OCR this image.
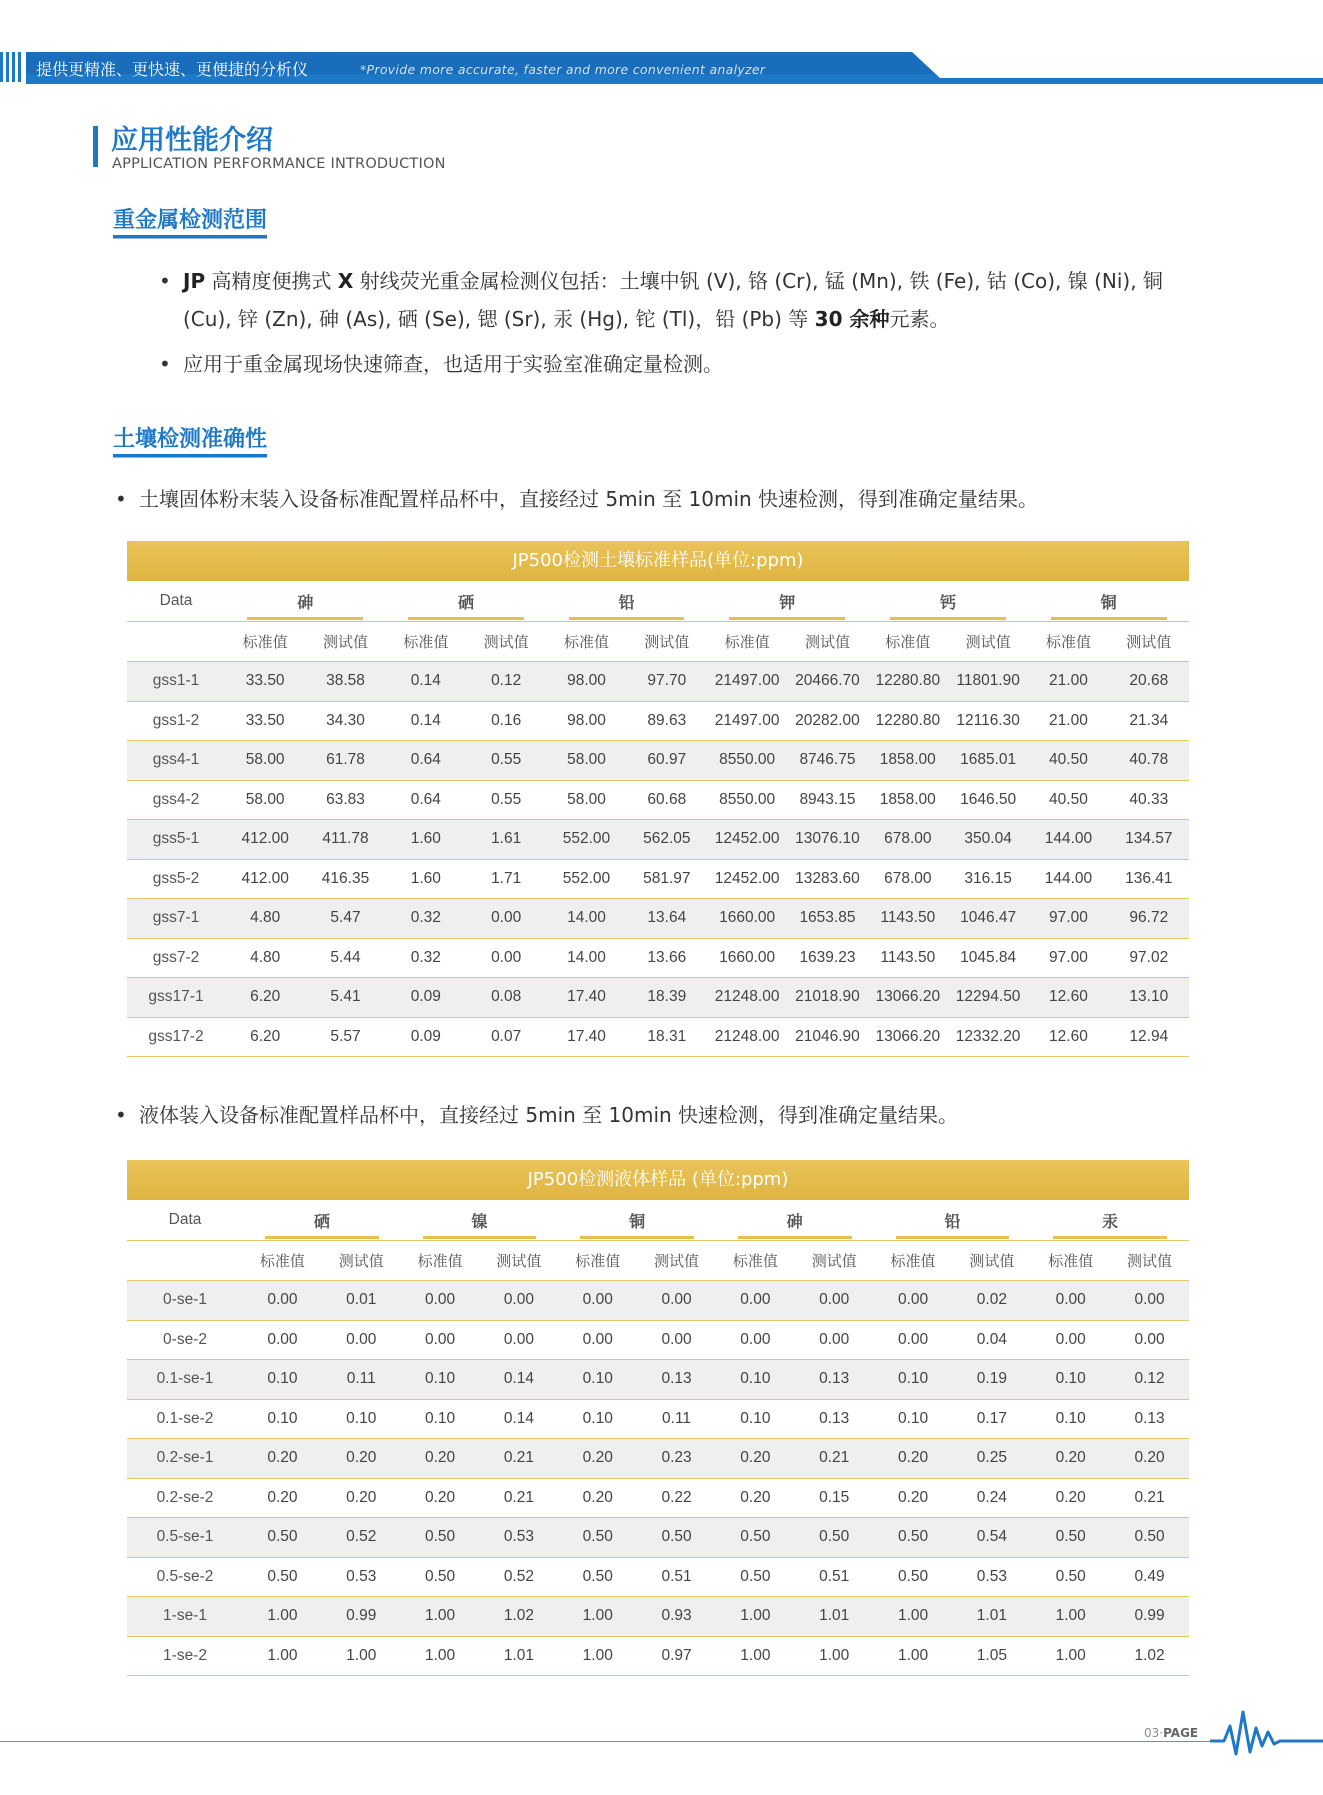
提供更精准、更快速、更便捷的分析仪	*Provide more accurate, faster and more convenient analyzer
应用性能介绍
APPLICATION PERFORMANCE INTRODUCTION
重金属检测范围
• JP 高精度便携式 X 射线荧光重金属检测仪包括：土壤中钒 (V), 铬 (Cr), 锰 (Mn), 铁 (Fe), 钴 (Co), 镍 (Ni), 铜
(Cu), 锌 (Zn), 砷 (As), 硒 (Se), 锶 (Sr), 汞 (Hg), 铊 (Tl)，铅 (Pb) 等 30 余种元素。
• 应用于重金属现场快速筛查，也适用于实验室准确定量检测。
土壤检测准确性
• 土壤固体粉末装入设备标准配置样品杯中，直接经过 5min 至 10min 快速检测，得到准确定量结果。
JP500检测土壤标准样品(单位:ppm)
Data	砷		硒		铅		钾		钙		铜	
	标准值	测试值	标准值	测试值	标准值	测试值	标准值	测试值	标准值	测试值	标准值	测试值
gss1-1	33.50	38.58	0.14	0.12	98.00	97.70	21497.00	20466.70	12280.80	11801.90	21.00	20.68
gss1-2	33.50	34.30	0.14	0.16	98.00	89.63	21497.00	20282.00	12280.80	12116.30	21.00	21.34
gss4-1	58.00	61.78	0.64	0.55	58.00	60.97	8550.00	8746.75	1858.00	1685.01	40.50	40.78
gss4-2	58.00	63.83	0.64	0.55	58.00	60.68	8550.00	8943.15	1858.00	1646.50	40.50	40.33
gss5-1	412.00	411.78	1.60	1.61	552.00	562.05	12452.00	13076.10	678.00	350.04	144.00	134.57
gss5-2	412.00	416.35	1.60	1.71	552.00	581.97	12452.00	13283.60	678.00	316.15	144.00	136.41
gss7-1	4.80	5.47	0.32	0.00	14.00	13.64	1660.00	1653.85	1143.50	1046.47	97.00	96.72
gss7-2	4.80	5.44	0.32	0.00	14.00	13.66	1660.00	1639.23	1143.50	1045.84	97.00	97.02
gss17-1	6.20	5.41	0.09	0.08	17.40	18.39	21248.00	21018.90	13066.20	12294.50	12.60	13.10
gss17-2	6.20	5.57	0.09	0.07	17.40	18.31	21248.00	21046.90	13066.20	12332.20	12.60	12.94
• 液体装入设备标准配置样品杯中，直接经过 5min 至 10min 快速检测，得到准确定量结果。
JP500检测液体样品 (单位:ppm)
Data	硒		镍		铜		砷		铅		汞	
	标准值	测试值	标准值	测试值	标准值	测试值	标准值	测试值	标准值	测试值	标准值	测试值
0-se-1	0.00	0.01	0.00	0.00	0.00	0.00	0.00	0.00	0.00	0.02	0.00	0.00
0-se-2	0.00	0.00	0.00	0.00	0.00	0.00	0.00	0.00	0.00	0.04	0.00	0.00
0.1-se-1	0.10	0.11	0.10	0.14	0.10	0.13	0.10	0.13	0.10	0.19	0.10	0.12
0.1-se-2	0.10	0.10	0.10	0.14	0.10	0.11	0.10	0.13	0.10	0.17	0.10	0.13
0.2-se-1	0.20	0.20	0.20	0.21	0.20	0.23	0.20	0.21	0.20	0.25	0.20	0.20
0.2-se-2	0.20	0.20	0.20	0.21	0.20	0.22	0.20	0.15	0.20	0.24	0.20	0.21
0.5-se-1	0.50	0.52	0.50	0.53	0.50	0.50	0.50	0.50	0.50	0.54	0.50	0.50
0.5-se-2	0.50	0.53	0.50	0.52	0.50	0.51	0.50	0.51	0.50	0.53	0.50	0.49
1-se-1	1.00	0.99	1.00	1.02	1.00	0.93	1.00	1.01	1.00	1.01	1.00	0.99
1-se-2	1.00	1.00	1.00	1.01	1.00	0.97	1.00	1.00	1.00	1.05	1.00	1.02
03·PAGE
